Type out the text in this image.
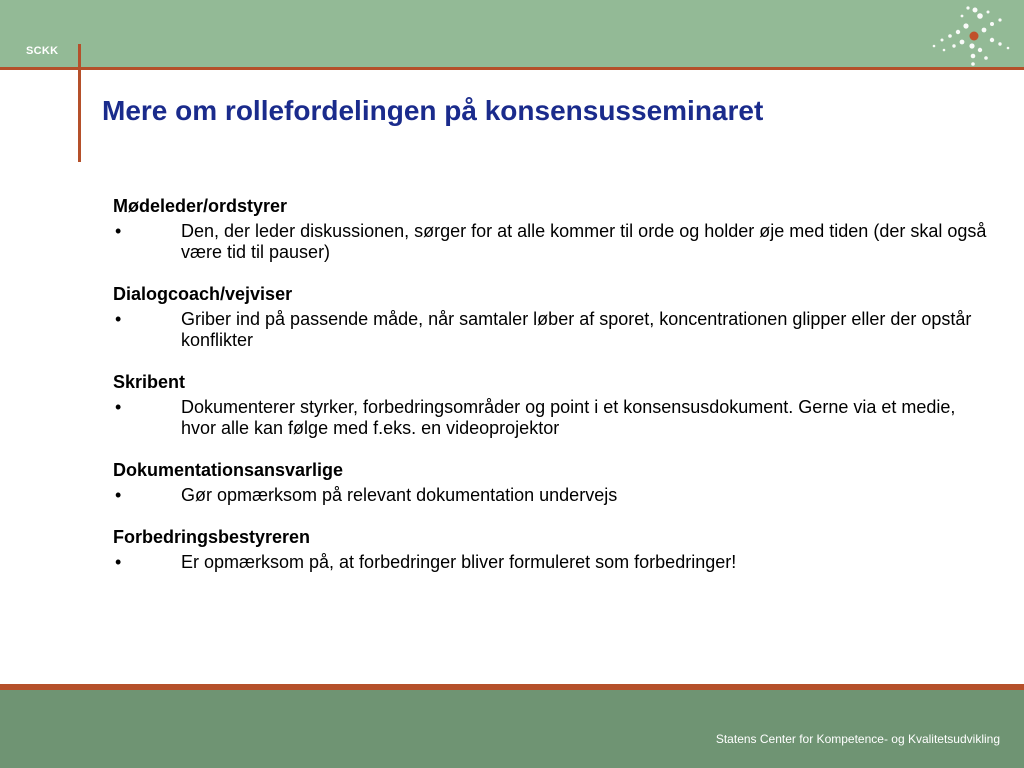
SCKK
Mere om rollefordelingen på konsensusseminaret
Mødeleder/ordstyrer
•	Den, der leder diskussionen, sørger for at alle kommer til orde og holder øje med tiden (der skal også være tid til pauser)
Dialogcoach/vejviser
•	Griber ind på passende måde, når samtaler løber af sporet, koncentrationen glipper eller der opstår konflikter
Skribent
•	Dokumenterer styrker, forbedringsområder og point i et konsensusdokument. Gerne via et medie, hvor alle kan følge med f.eks. en videoprojektor
Dokumentationsansvarlige
•	Gør opmærksom på relevant dokumentation undervejs
Forbedringsbestyreren
•	Er opmærksom på, at forbedringer bliver formuleret som forbedringer!
Statens Center for Kompetence- og Kvalitetsudvikling
